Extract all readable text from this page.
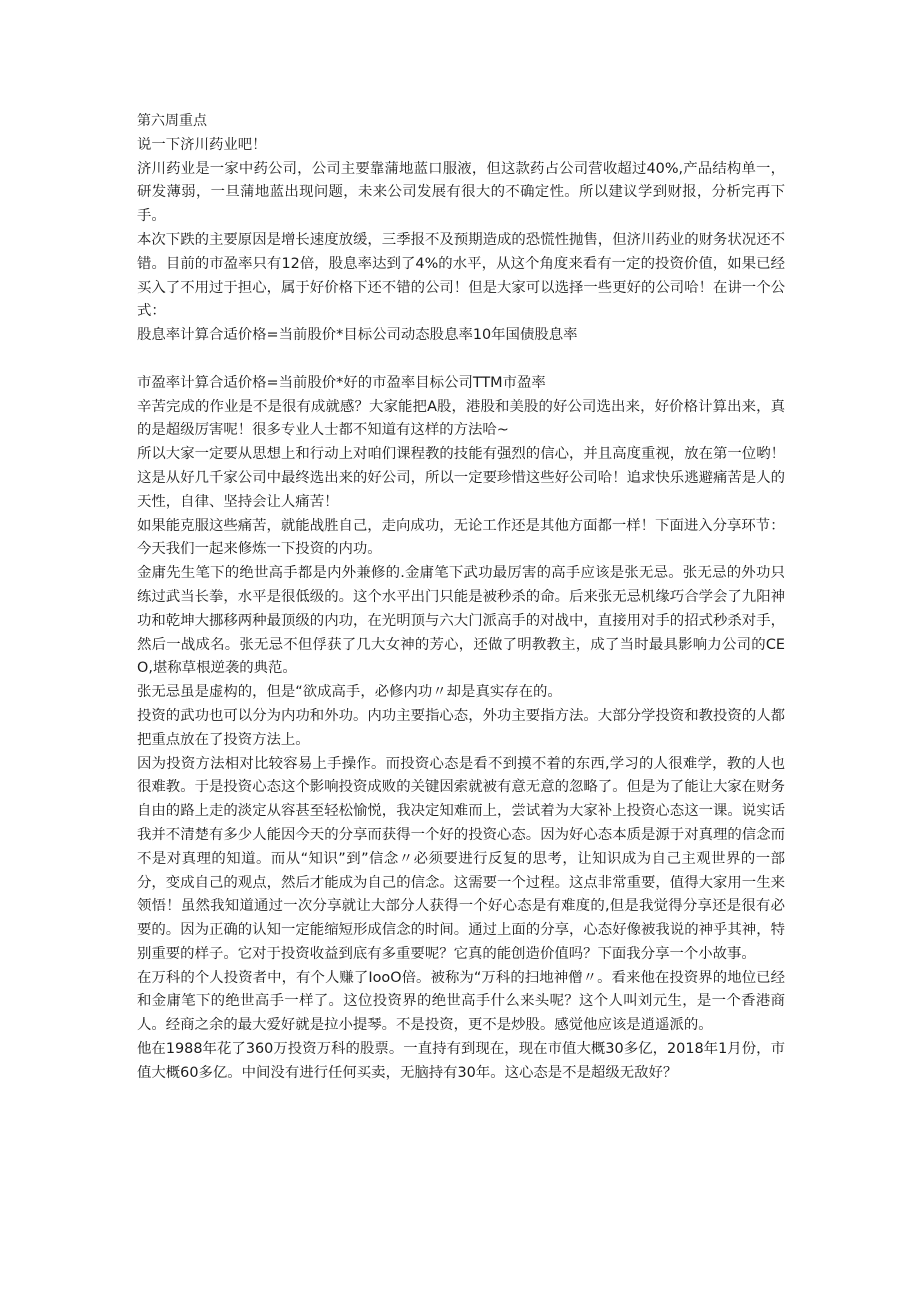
第六周重点

说一下济川药业吧！

济川药业是一家中药公司，公司主要靠蒲地蓝口服液，但这款药占公司营收超过40%,产品结构单一，研发薄弱，一旦蒲地蓝出现问题，未来公司发展有很大的不确定性。所以建议学到财报，分析完再下手。

本次下跌的主要原因是增长速度放缓，三季报不及预期造成的恐慌性抛售，但济川药业的财务状况还不错。目前的市盈率只有12倍，股息率达到了4%的水平，从这个角度来看有一定的投资价值，如果已经买入了不用过于担心，属于好价格下还不错的公司！但是大家可以选择一些更好的公司哈！在讲一个公式：

股息率计算合适价格=当前股价*目标公司动态股息率10年国债股息率

市盈率计算合适价格=当前股价*好的市盈率目标公司TTM市盈率

辛苦完成的作业是不是很有成就感？大家能把A股，港股和美股的好公司选出来，好价格计算出来，真的是超级厉害呢！很多专业人士都不知道有这样的方法哈~

所以大家一定要从思想上和行动上对咱们课程教的技能有强烈的信心，并且高度重视，放在第一位哟！这是从好几千家公司中最终选出来的好公司，所以一定要珍惜这些好公司哈！追求快乐逃避痛苦是人的天性，自律、坚持会让人痛苦！

如果能克服这些痛苦，就能战胜自己，走向成功，无论工作还是其他方面都一样！下面进入分享环节：

今天我们一起来修炼一下投资的内功。

金庸先生笔下的绝世高手都是内外兼修的.金庸笔下武功最厉害的高手应该是张无忌。张无忌的外功只练过武当长拳，水平是很低级的。这个水平出门只能是被秒杀的命。后来张无忌机缘巧合学会了九阳神功和乾坤大挪移两种最顶级的内功，在光明顶与六大门派高手的对战中，直接用对手的招式秒杀对手，然后一战成名。张无忌不但俘获了几大女神的芳心，还做了明教教主，成了当时最具影响力公司的CEO,堪称草根逆袭的典范。

张无忌虽是虚构的，但是“欲成高手，必修内功〃却是真实存在的。

投资的武功也可以分为内功和外功。内功主要指心态，外功主要指方法。大部分学投资和教投资的人都把重点放在了投资方法上。

因为投资方法相对比较容易上手操作。而投资心态是看不到摸不着的东西,学习的人很难学，教的人也很难教。于是投资心态这个影响投资成败的关键因索就被有意无意的忽略了。但是为了能让大家在财务自由的路上走的淡定从容甚至轻松愉悦，我决定知难而上，尝试着为大家补上投资心态这一课。说实话我并不清楚有多少人能因今天的分享而获得一个好的投资心态。因为好心态本质是源于对真理的信念而不是对真理的知道。而从“知识”到”信念〃必须要进行反复的思考，让知识成为自己主观世界的一部分，变成自己的观点，然后才能成为自己的信念。这需要一个过程。这点非常重要，值得大家用一生来领悟！虽然我知道通过一次分享就让大部分人获得一个好心态是有难度的,但是我觉得分享还是很有必要的。因为正确的认知一定能缩短形成信念的时间。通过上面的分享，心态好像被我说的神乎其神，特别重要的样子。它对于投资收益到底有多重要呢？它真的能创造价值吗？下面我分享一个小故事。

在万科的个人投资者中，有个人赚了IooO倍。被称为“万科的扫地神僧〃。看来他在投资界的地位已经和金庸笔下的绝世高手一样了。这位投资界的绝世高手什么来头呢？这个人叫刘元生，是一个香港商人。经商之余的最大爱好就是拉小提琴。不是投资，更不是炒股。感觉他应该是逍遥派的。

他在1988年花了360万投资万科的股票。一直持有到现在，现在市值大概30多亿，2018年1月份，市值大概60多亿。中间没有进行任何买卖，无脑持有30年。这心态是不是超级无敌好？
